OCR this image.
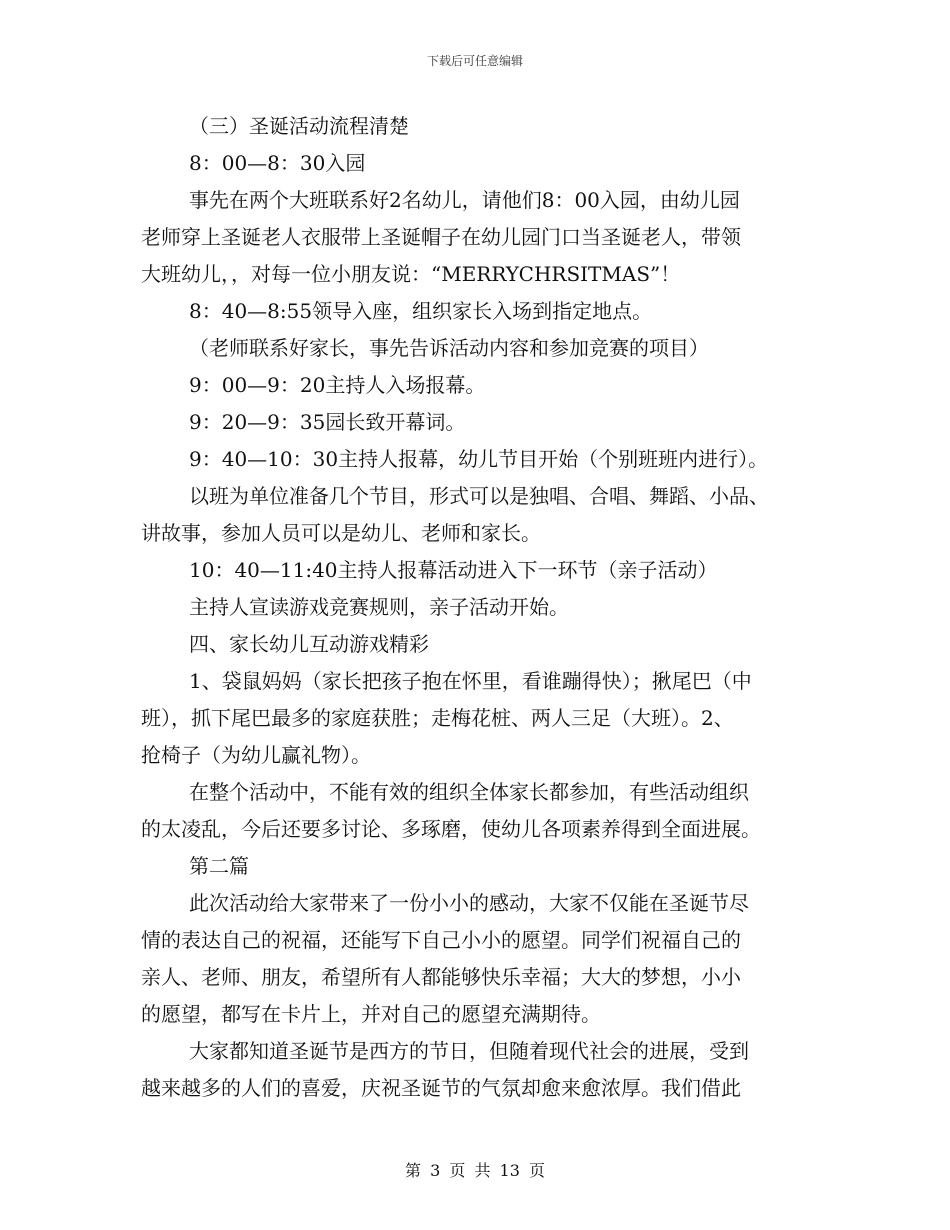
下载后可任意编辑
（三）圣诞活动流程清楚
8：00—8：30入园
事先在两个大班联系好2名幼儿，请他们8：00入园，由幼儿园
老师穿上圣诞老人衣服带上圣诞帽子在幼儿园门口当圣诞老人，带领
大班幼儿，，对每一位小朋友说：“MERRYCHRSITMAS”！
8：40—8:55领导入座，组织家长入场到指定地点。
（老师联系好家长，事先告诉活动内容和参加竞赛的项目）
9：00—9：20主持人入场报幕。
9：20—9：35园长致开幕词。
9：40—10：30主持人报幕，幼儿节目开始（个别班班内进行）。
以班为单位准备几个节目，形式可以是独唱、合唱、舞蹈、小品、
讲故事，参加人员可以是幼儿、老师和家长。
10：40—11:40主持人报幕活动进入下一环节（亲子活动）
主持人宣读游戏竞赛规则，亲子活动开始。
四、家长幼儿互动游戏精彩
1、袋鼠妈妈（家长把孩子抱在怀里，看谁蹦得快）；揪尾巴（中
班），抓下尾巴最多的家庭获胜；走梅花桩、两人三足（大班）。2、
抢椅子（为幼儿赢礼物）。
在整个活动中，不能有效的组织全体家长都参加，有些活动组织
的太凌乱，今后还要多讨论、多琢磨，使幼儿各项素养得到全面进展。
第二篇
此次活动给大家带来了一份小小的感动，大家不仅能在圣诞节尽
情的表达自己的祝福，还能写下自己小小的愿望。同学们祝福自己的
亲人、老师、朋友，希望所有人都能够快乐幸福；大大的梦想，小小
的愿望，都写在卡片上，并对自己的愿望充满期待。
大家都知道圣诞节是西方的节日，但随着现代社会的进展，受到
越来越多的人们的喜爱，庆祝圣诞节的气氛却愈来愈浓厚。我们借此
第 3 页 共 13 页
